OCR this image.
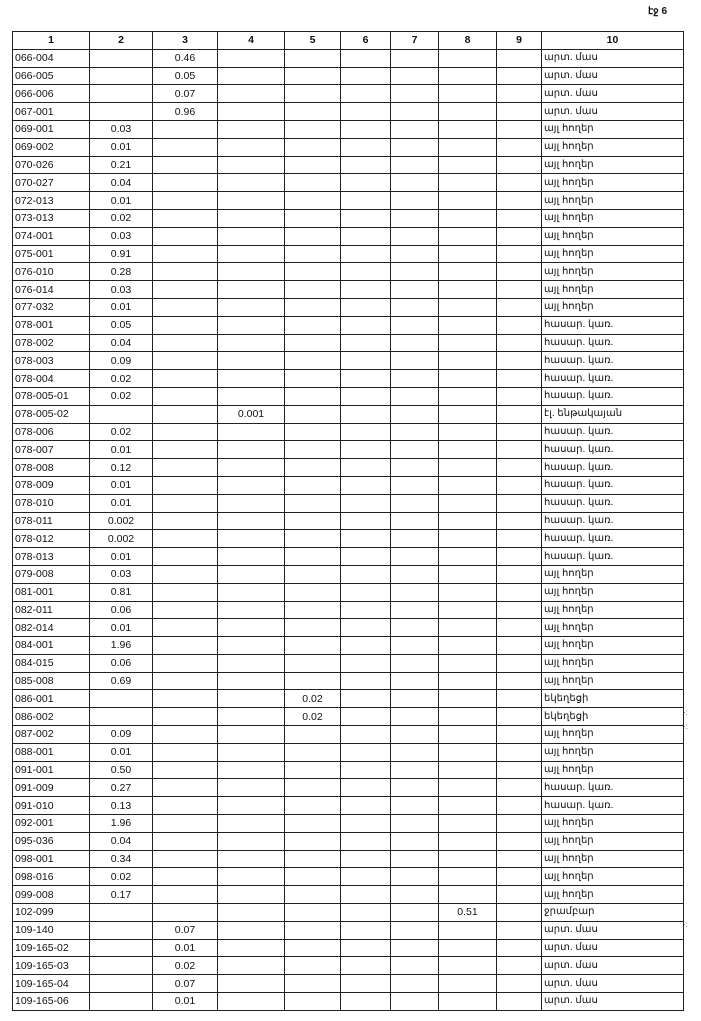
էջ 6
1	2	3	4	5	6	7	8	9	10
066-004		0.46							արտ. մաս
066-005		0.05							արտ. մաս
066-006		0.07							արտ. մաս
067-001		0.96							արտ. մաս
069-001	0.03								այլ հողեր
069-002	0.01								այլ հողեր
070-026	0.21								այլ հողեր
070-027	0.04								այլ հողեր
072-013	0.01								այլ հողեր
073-013	0.02								այլ հողեր
074-001	0.03								այլ հողեր
075-001	0.91								այլ հողեր
076-010	0.28								այլ հողեր
076-014	0.03								այլ հողեր
077-032	0.01								այլ հողեր
078-001	0.05								հասար. կառ.
078-002	0.04								հասար. կառ.
078-003	0.09								հասար. կառ.
078-004	0.02								հասար. կառ.
078-005-01	0.02								հասար. կառ.
078-005-02			0.001						էլ. ենթակայան
078-006	0.02								հասար. կառ.
078-007	0.01								հասար. կառ.
078-008	0.12								հասար. կառ.
078-009	0.01								հասար. կառ.
078-010	0.01								հասար. կառ.
078-011	0.002								հասար. կառ.
078-012	0.002								հասար. կառ.
078-013	0.01								հասար. կառ.
079-008	0.03								այլ հողեր
081-001	0.81								այլ հողեր
082-011	0.06								այլ հողեր
082-014	0.01								այլ հողեր
084-001	1.96								այլ հողեր
084-015	0.06								այլ հողեր
085-008	0.69								այլ հողեր
086-001				0.02					եկեղեցի
086-002				0.02					եկեղեցի
087-002	0.09								այլ հողեր
088-001	0.01								այլ հողեր
091-001	0.50								այլ հողեր
091-009	0.27								հասար. կառ.
091-010	0.13								հասար. կառ.
092-001	1.96								այլ հողեր
095-036	0.04								այլ հողեր
098-001	0.34								այլ հողեր
098-016	0.02								այլ հողեր
099-008	0.17								այլ հողեր
102-099							0.51		ջրամբար
109-140		0.07							արտ. մաս
109-165-02		0.01							արտ. մաս
109-165-03		0.02							արտ. մաս
109-165-04		0.07							արտ. մաս
109-165-06		0.01							արտ. մաս
·:
·:
·:
